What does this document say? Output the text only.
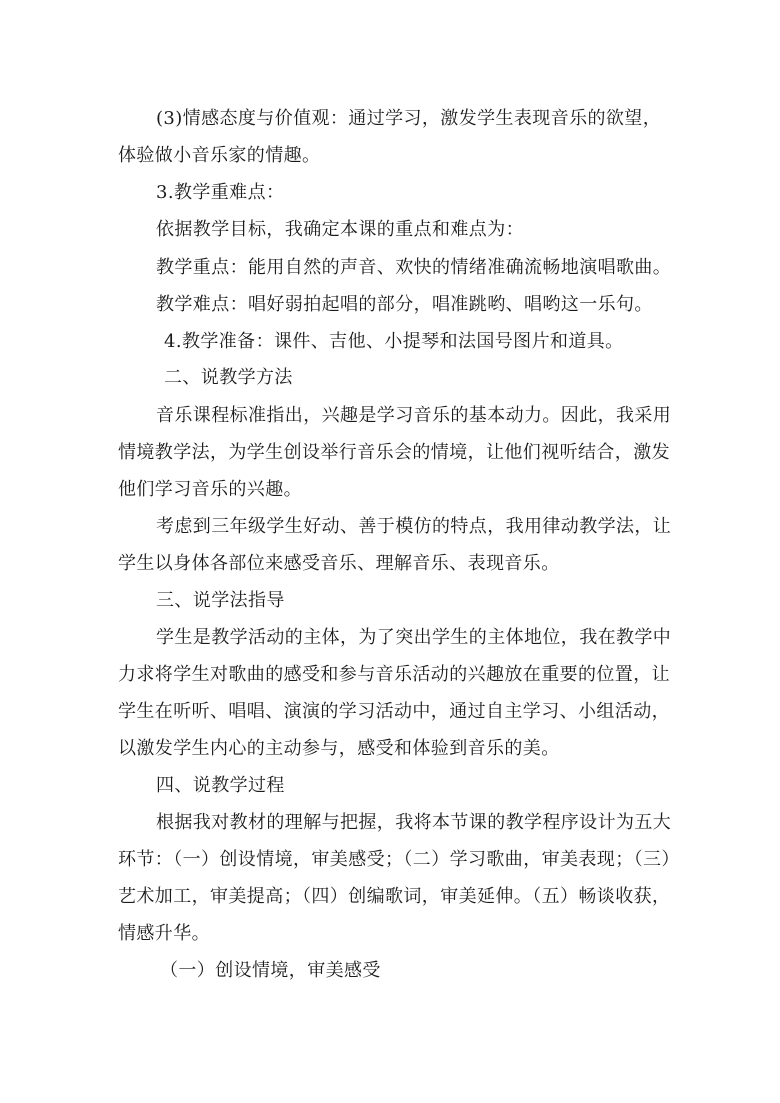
(3)情感态度与价值观：通过学习，激发学生表现音乐的欲望，
体验做小音乐家的情趣。
3.教学重难点：
依据教学目标，我确定本课的重点和难点为：
教学重点：能用自然的声音、欢快的情绪准确流畅地演唱歌曲。
教学难点：唱好弱拍起唱的部分，唱准跳哟、唱哟这一乐句。
4.教学准备：课件、吉他、小提琴和法国号图片和道具。
二、说教学方法
音乐课程标准指出，兴趣是学习音乐的基本动力。因此，我采用
情境教学法，为学生创设举行音乐会的情境，让他们视听结合，激发
他们学习音乐的兴趣。
考虑到三年级学生好动、善于模仿的特点，我用律动教学法，让
学生以身体各部位来感受音乐、理解音乐、表现音乐。
三、说学法指导
学生是教学活动的主体，为了突出学生的主体地位，我在教学中
力求将学生对歌曲的感受和参与音乐活动的兴趣放在重要的位置，让
学生在听听、唱唱、演演的学习活动中，通过自主学习、小组活动，
以激发学生内心的主动参与，感受和体验到音乐的美。
四、说教学过程
根据我对教材的理解与把握，我将本节课的教学程序设计为五大
环节：（一）创设情境，审美感受；（二）学习歌曲，审美表现；（三）
艺术加工，审美提高；（四）创编歌词，审美延伸。（五）畅谈收获，
情感升华。
（一）创设情境，审美感受
